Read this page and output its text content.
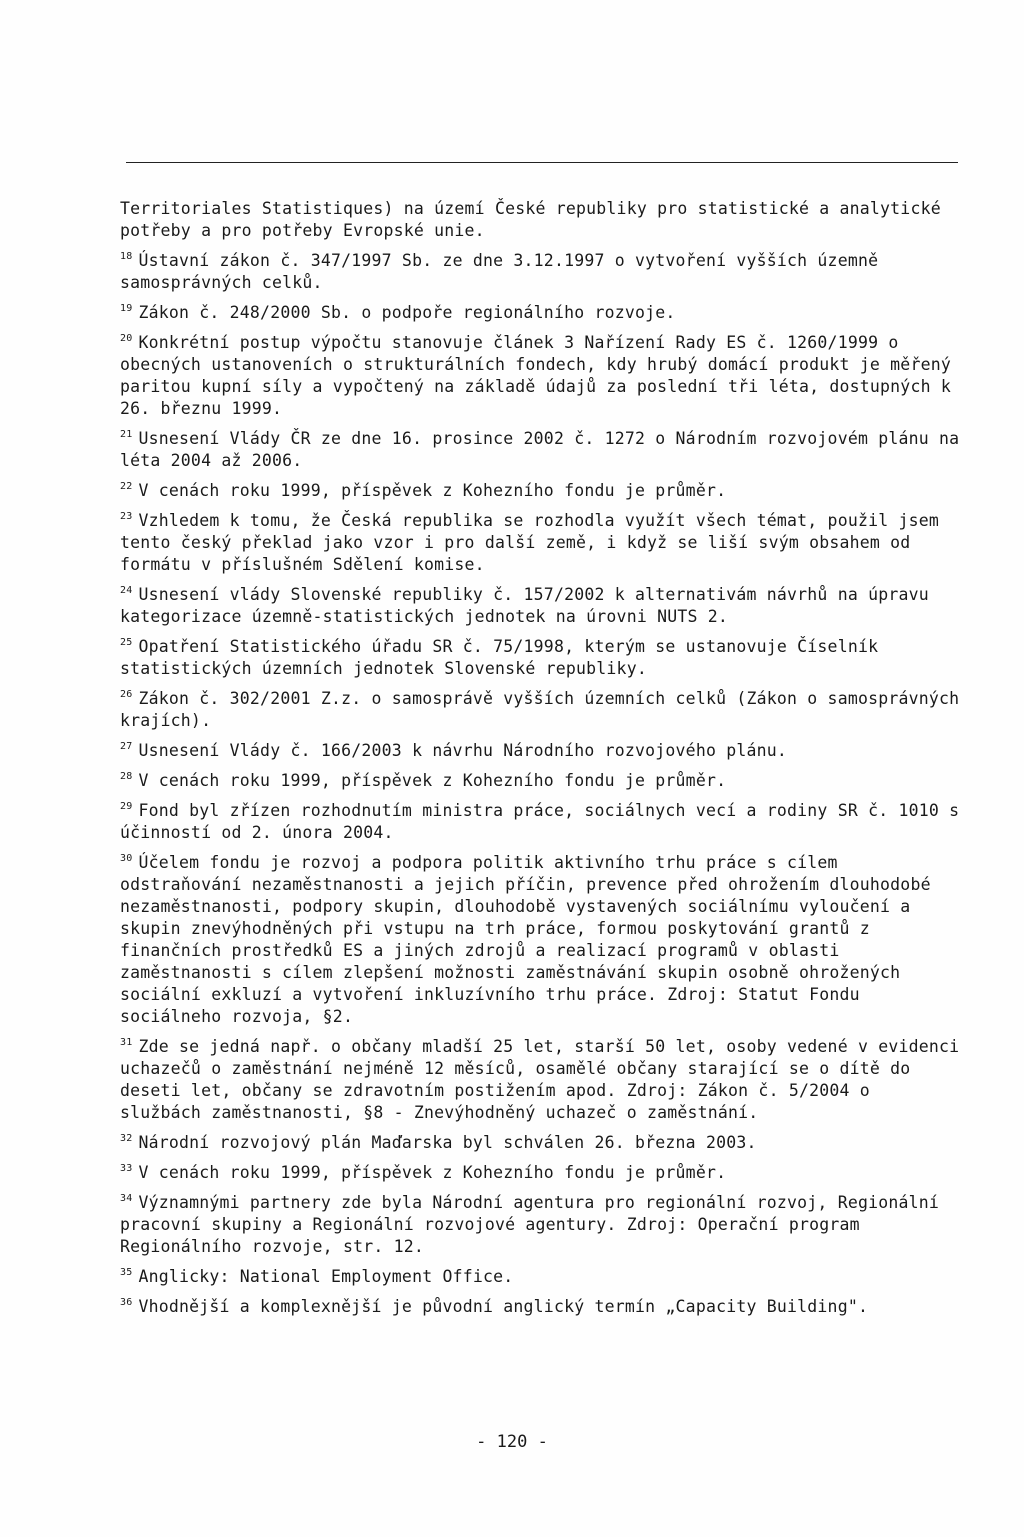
Territoriales Statistiques) na území České republiky pro statistické a analytické potřeby a pro potřeby Evropské unie.

$^{18}$ Ústavní zákon č. 347/1997 Sb. ze dne 3.12.1997 o vytvoření vyšších územně samosprávných celků.

$^{19}$ Zákon č. 248/2000 Sb. o podpoře regionálního rozvoje.

$^{20}$ Konkrétní postup výpočtu stanovuje článek 3 Nařízení Rady ES č. 1260/1999 o obecných ustanoveních o strukturálních fondech, kdy hrubý domácí produkt je měřený paritou kupní síly a vypočtený na základě údajů za poslední tři léta, dostupných k 26. březnu 1999.

$^{21}$ Usnesení Vlády ČR ze dne 16. prosince 2002 č. 1272 o Národním rozvojovém plánu na léta 2004 až 2006.

$^{22}$ V cenách roku 1999, příspěvek z Kohezního fondu je průměr.

$^{23}$ Vzhledem k tomu, že Česká republika se rozhodla využít všech témat, použil jsem tento český překlad jako vzor i pro další země, i když se liší svým obsahem od formátu v příslušném Sdělení komise.

$^{24}$ Usnesení vlády Slovenské republiky č. 157/2002 k alternativám návrhů na úpravu kategorizace územně-statistických jednotek na úrovni NUTS 2.

$^{25}$ Opatření Statistického úřadu SR č. 75/1998, kterým se ustanovuje Číselník statistických územních jednotek Slovenské republiky.

$^{26}$ Zákon č. 302/2001 Z.z. o samosprávě vyšších územních celků (Zákon o samosprávných krajích).

$^{27}$ Usnesení Vlády č. 166/2003 k návrhu Národního rozvojového plánu.

$^{28}$ V cenách roku 1999, příspěvek z Kohezního fondu je průměr.

$^{29}$ Fond byl zřízen rozhodnutím ministra práce, sociálnych vecí a rodiny SR č. 1010 s účinností od 2. února 2004.

$^{30}$ Účelem fondu je rozvoj a podpora politik aktivního trhu práce s cílem odstraňování nezaměstnanosti a jejich příčin, prevence před ohrožením dlouhodobé nezaměstnanosti, podpory skupin, dlouhodobě vystavených sociálnímu vyloučení a skupin znevýhodněných při vstupu na trh práce, formou poskytování grantů z finančních prostředků ES a jiných zdrojů a realizací programů v oblasti zaměstnanosti s cílem zlepšení možnosti zaměstnávání skupin osobně ohrožených sociální exkluzí a vytvoření inkluzívního trhu práce. Zdroj: Statut Fondu sociálneho rozvoja, §2.

$^{31}$ Zde se jedná např. o občany mladší 25 let, starší 50 let, osoby vedené v evidenci uchazečů o zaměstnání nejméně 12 měsíců, osamělé občany starající se o dítě do deseti let, občany se zdravotním postižením apod. Zdroj: Zákon č. 5/2004 o službách zaměstnanosti, §8 - Znevýhodněný uchazeč o zaměstnání.

$^{32}$ Národní rozvojový plán Maďarska byl schválen 26. března 2003.

$^{33}$ V cenách roku 1999, příspěvek z Kohezního fondu je průměr.

$^{34}$ Významnými partnery zde byla Národní agentura pro regionální rozvoj, Regionální pracovní skupiny a Regionální rozvojové agentury. Zdroj: Operační program Regionálního rozvoje, str. 12.

$^{35}$ Anglicky: National Employment Office.

$^{36}$ Vhodnější a komplexnější je původní anglický termín „Capacity Building".

- 120 -
